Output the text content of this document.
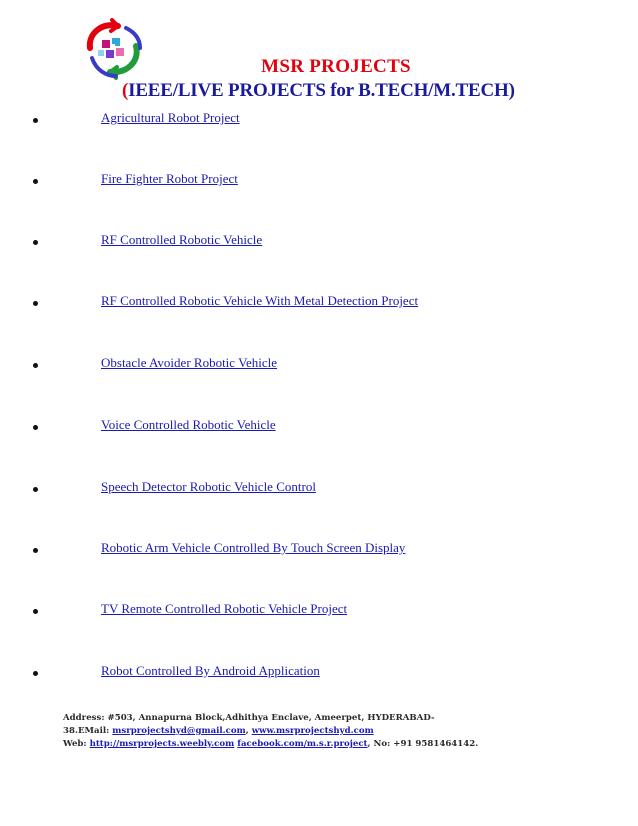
MSR PROJECTS
(IEEE/LIVE PROJECTS for B.TECH/M.TECH)
Agricultural Robot Project
Fire Fighter Robot Project
RF Controlled Robotic Vehicle
RF Controlled Robotic Vehicle With Metal Detection Project
Obstacle Avoider Robotic Vehicle
Voice Controlled Robotic Vehicle
Speech Detector Robotic Vehicle Control
Robotic Arm Vehicle Controlled By Touch Screen Display
TV Remote Controlled Robotic Vehicle Project
Robot Controlled By Android Application
Address: #503, Annapurna Block,Adhithya Enclave, Ameerpet, HYDERABAD-
38.EMail: msrprojectshyd@gmail.com, www.msrprojectshyd.com
Web: http://msrprojects.weebly.com facebook.com/m.s.r.project, No: +91 9581464142.
